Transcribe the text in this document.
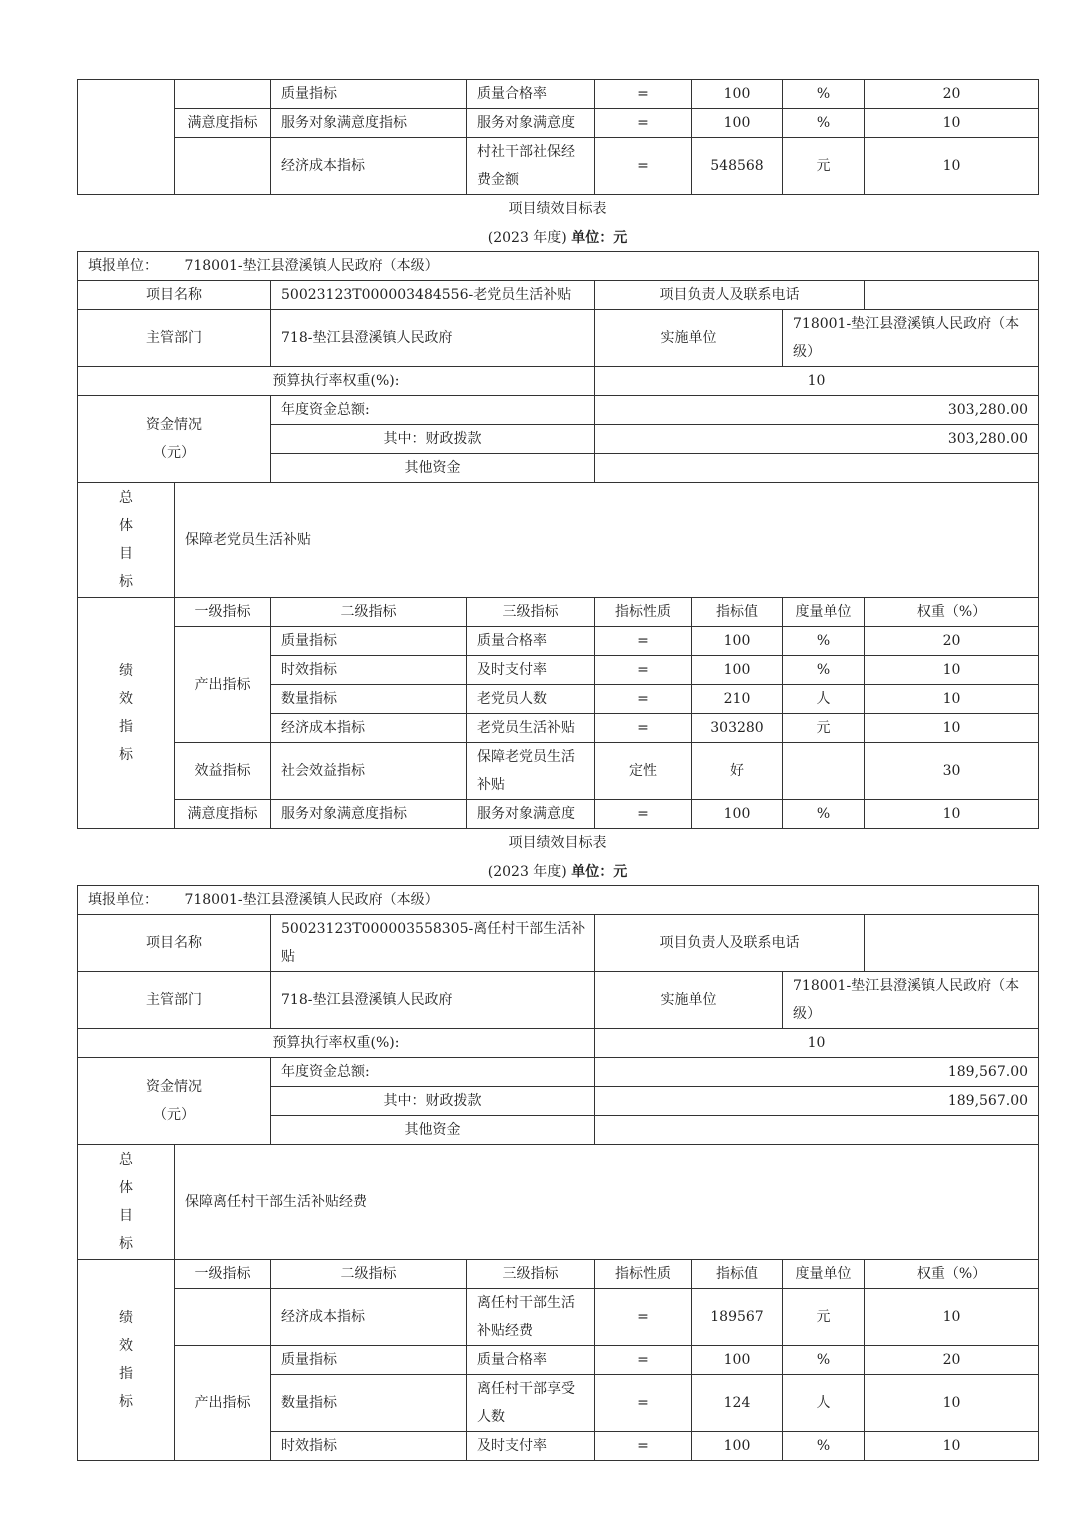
		质量指标	质量合格率	=	100	%	20
	满意度指标	服务对象满意度指标	服务对象满意度	=	100	%	10
		经济成本指标	村社干部社保经
费金额	=	548568	元	10
项目绩效目标表
(2023 年度) 单位：元
填报单位： 718001-垫江县澄溪镇人民政府（本级）							
项目名称		50023123T000003484556-老党员生活补贴		项目负责人及联系电话			
主管部门		718-垫江县澄溪镇人民政府		实施单位		718001-垫江县澄溪镇人民政府（本
级）	

预算执行率权重(%):				10			

资金情况
（元）		年度资金总额:		303,280.00			
		其中：财政拨款		303,280.00			
		其他资金					

总
体
目
标	保障老党员生活补贴						

绩
效
指
标	一级指标	二级指标	三级指标	指标性质	指标值	度量单位	权重（%）
	产出指标	质量指标	质量合格率	=	100	%	20
		时效指标	及时支付率	=	100	%	10
		数量指标	老党员人数	=	210	人	10
		经济成本指标	老党员生活补贴	=	303280	元	10
	效益指标	社会效益指标	保障老党员生活
补贴	定性	好		30
	满意度指标	服务对象满意度指标	服务对象满意度	=	100	%	10
项目绩效目标表
(2023 年度) 单位：元
填报单位： 718001-垫江县澄溪镇人民政府（本级）							
项目名称		50023123T000003558305-离任村干部生活补贴		项目负责人及联系电话			
主管部门		718-垫江县澄溪镇人民政府		实施单位		718001-垫江县澄溪镇人民政府（本
级）	

预算执行率权重(%):				10			

资金情况
（元）		年度资金总额:		189,567.00			
		其中：财政拨款		189,567.00			
		其他资金					

总
体
目
标	保障离任村干部生活补贴经费						

绩
效
指
标	一级指标	二级指标	三级指标	指标性质	指标值	度量单位	权重（%）
		经济成本指标	离任村干部生活
补贴经费	=	189567	元	10
	产出指标	质量指标	质量合格率	=	100	%	20
		数量指标	离任村干部享受
人数	=	124	人	10
		时效指标	及时支付率	=	100	%	10
